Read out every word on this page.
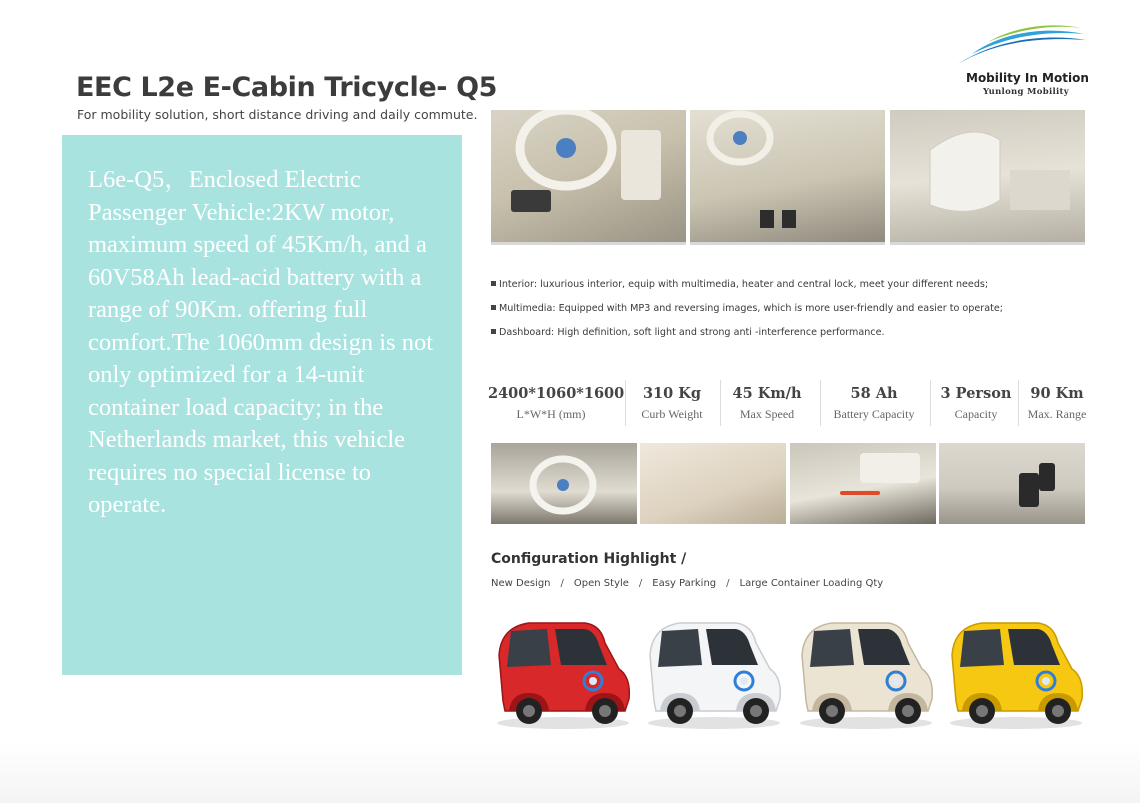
EEC L2e E-Cabin Tricycle- Q5

For mobility solution, short distance driving and daily commute.

Mobility In Motion
Yunlong Mobility

L6e-Q5，Enclosed Electric Passenger Vehicle:2KW motor, maximum speed of 45Km/h, and a 60V58Ah lead-acid battery with a range of 90Km. offering full comfort.The 1060mm design is not only optimized for a 14-unit container load capacity; in the Netherlands market, this vehicle requires no special license to operate.

Interior: luxurious interior, equip with multimedia, heater and central lock, meet your different needs;

Multimedia: Equipped with MP3 and reversing images, which is more user-friendly and easier to operate;

Dashboard: High definition, soft light and strong anti -interference performance.

2400*1060*1600
L*W*H (mm)
310 Kg
Curb Weight
45 Km/h
Max Speed
58 Ah
Battery Capacity
3 Person
Capacity
90 Km
Max. Range
Configuration Highlight /
New Design / Open Style / Easy Parking / Large Container Loading Qty
